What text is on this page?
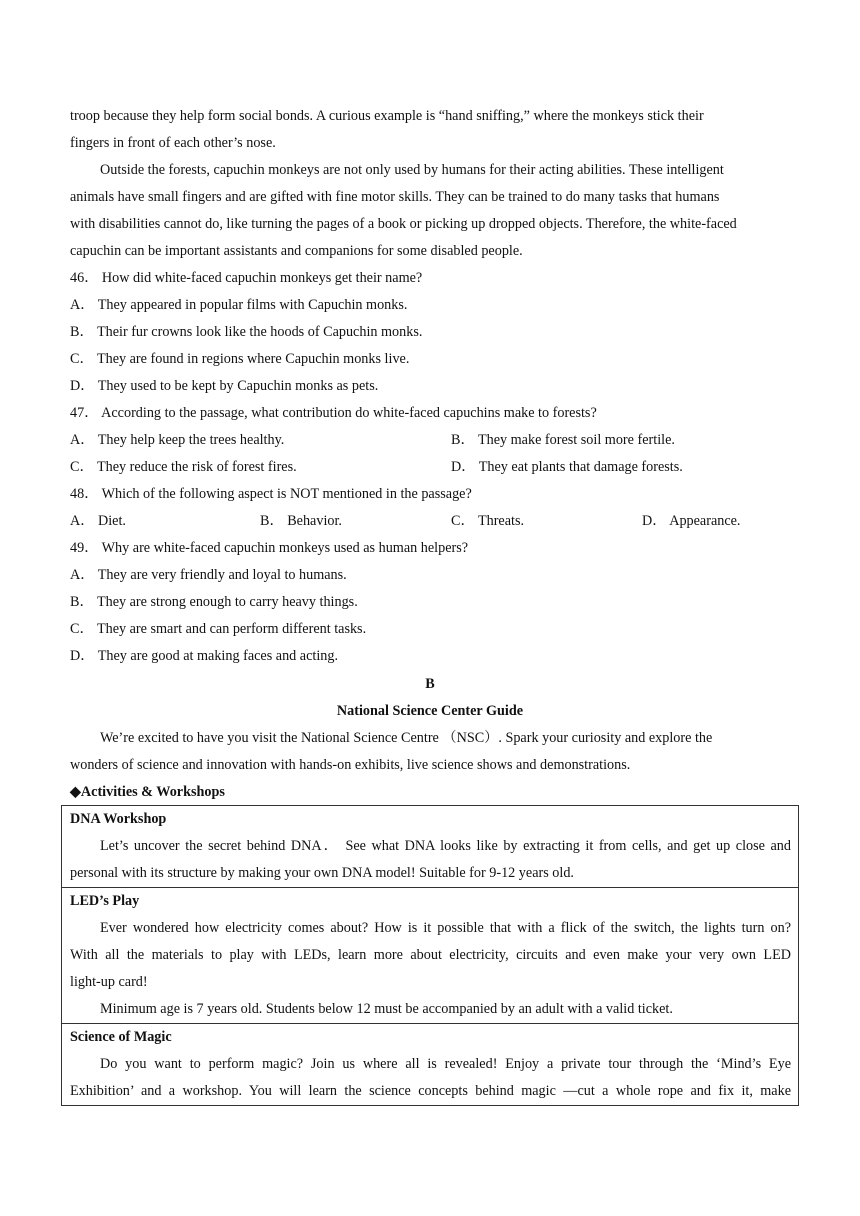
troop because they help form social bonds. A curious example is “hand sniffing,” where the monkeys stick their
fingers in front of each other’s nose.
Outside the forests, capuchin monkeys are not only used by humans for their acting abilities. These intelligent
animals have small fingers and are gifted with fine motor skills. They can be trained to do many tasks that humans
with disabilities cannot do, like turning the pages of a book or picking up dropped objects. Therefore, the white-faced
capuchin can be important assistants and companions for some disabled people.
46． How did white-faced capuchin monkeys get their name?
A． They appeared in popular films with Capuchin monks.
B． Their fur crowns look like the hoods of Capuchin monks.
C． They are found in regions where Capuchin monks live.
D． They used to be kept by Capuchin monks as pets.
47． According to the passage, what contribution do white-faced capuchins make to forests?
A． They help keep the trees healthy.	B． They make forest soil more fertile.
C． They reduce the risk of forest fires.	D． They eat plants that damage forests.
48． Which of the following aspect is NOT mentioned in the passage?
A． Diet.	B． Behavior.	C． Threats.	D． Appearance.
49． Why are white-faced capuchin monkeys used as human helpers?
A． They are very friendly and loyal to humans.
B． They are strong enough to carry heavy things.
C． They are smart and can perform different tasks.
D． They are good at making faces and acting.
B
National Science Center Guide
We’re excited to have you visit the National Science Centre （NSC）. Spark your curiosity and explore the
wonders of science and innovation with hands-on exhibits, live science shows and demonstrations.
◆Activities & Workshops
DNA Workshop
Let’s uncover the secret behind DNA． See what DNA looks like by extracting it from cells, and get up close and
personal with its structure by making your own DNA model! Suitable for 9-12 years old.

LED’s Play
Ever wondered how electricity comes about? How is it possible that with a flick of the switch, the lights turn on?
With all the materials to play with LEDs, learn more about electricity, circuits and even make your very own LED
light-up card!
Minimum age is 7 years old. Students below 12 must be accompanied by an adult with a valid ticket.

Science of Magic
Do you want to perform magic? Join us where all is revealed! Enjoy a private tour through the ‘Mind’s Eye
Exhibition’ and a workshop. You will learn the science concepts behind magic —cut a whole rope and fix it, make
